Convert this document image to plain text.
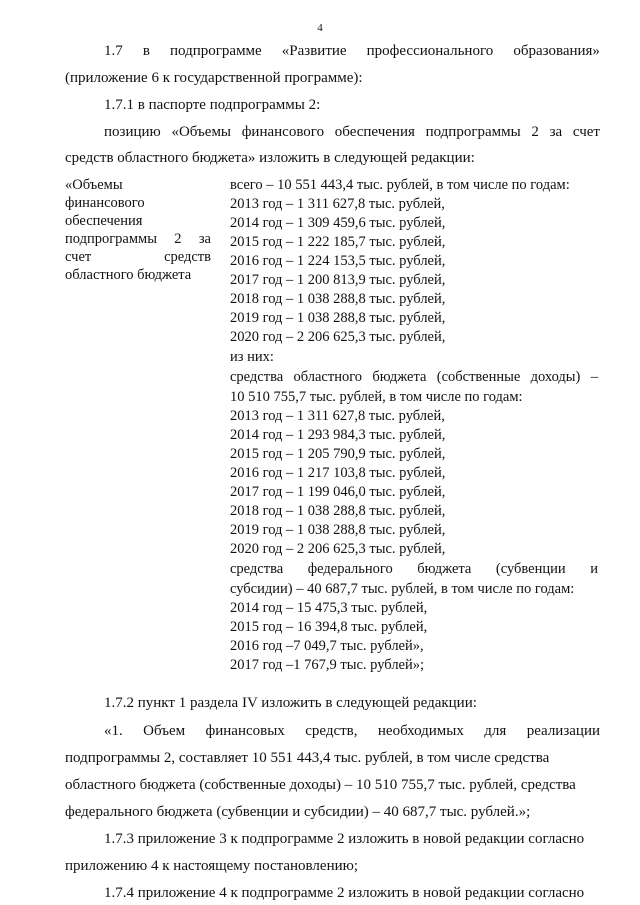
4
1.7 в подпрограмме «Развитие профессионального образования»
(приложение 6 к государственной программе):
1.7.1 в паспорте подпрограммы 2:
позицию «Объемы финансового обеспечения подпрограммы 2 за счет
средств областного бюджета» изложить в следующей редакции:
«Объемы
финансового
обеспечения
подпрограммы 2 за
счет	средств
областного бюджета
всего – 10 551 443,4 тыс. рублей, в том числе по годам:
2013 год – 1 311 627,8 тыс. рублей,
2014 год – 1 309 459,6 тыс. рублей,
2015 год – 1 222 185,7 тыс. рублей,
2016 год – 1 224 153,5 тыс. рублей,
2017 год – 1 200 813,9 тыс. рублей,
2018 год – 1 038 288,8 тыс. рублей,
2019 год – 1 038 288,8 тыс. рублей,
2020 год – 2 206 625,3 тыс. рублей,
из них:
средства областного бюджета (собственные доходы) –
10 510 755,7 тыс. рублей, в том числе по годам:
2013 год – 1 311 627,8 тыс. рублей,
2014 год – 1 293 984,3 тыс. рублей,
2015 год – 1 205 790,9 тыс. рублей,
2016 год – 1 217 103,8 тыс. рублей,
2017 год – 1 199 046,0 тыс. рублей,
2018 год – 1 038 288,8 тыс. рублей,
2019 год – 1 038 288,8 тыс. рублей,
2020 год – 2 206 625,3 тыс. рублей,
средства федерального бюджета (субвенции и
субсидии) – 40 687,7 тыс. рублей, в том числе по годам:
2014 год – 15 475,3 тыс. рублей,
2015 год – 16 394,8 тыс. рублей,
2016 год –7 049,7 тыс. рублей»,
2017 год –1 767,9 тыс. рублей»;
1.7.2 пункт 1 раздела IV изложить в следующей редакции:
«1. Объем финансовых средств, необходимых для реализации
подпрограммы 2, составляет 10 551 443,4 тыс. рублей, в том числе средства
областного бюджета (собственные доходы) – 10 510 755,7 тыс. рублей, средства
федерального бюджета (субвенции и субсидии) – 40 687,7 тыс. рублей.»;
1.7.3 приложение 3 к подпрограмме 2 изложить в новой редакции согласно
приложению 4 к настоящему постановлению;
1.7.4 приложение 4 к подпрограмме 2 изложить в новой редакции согласно
